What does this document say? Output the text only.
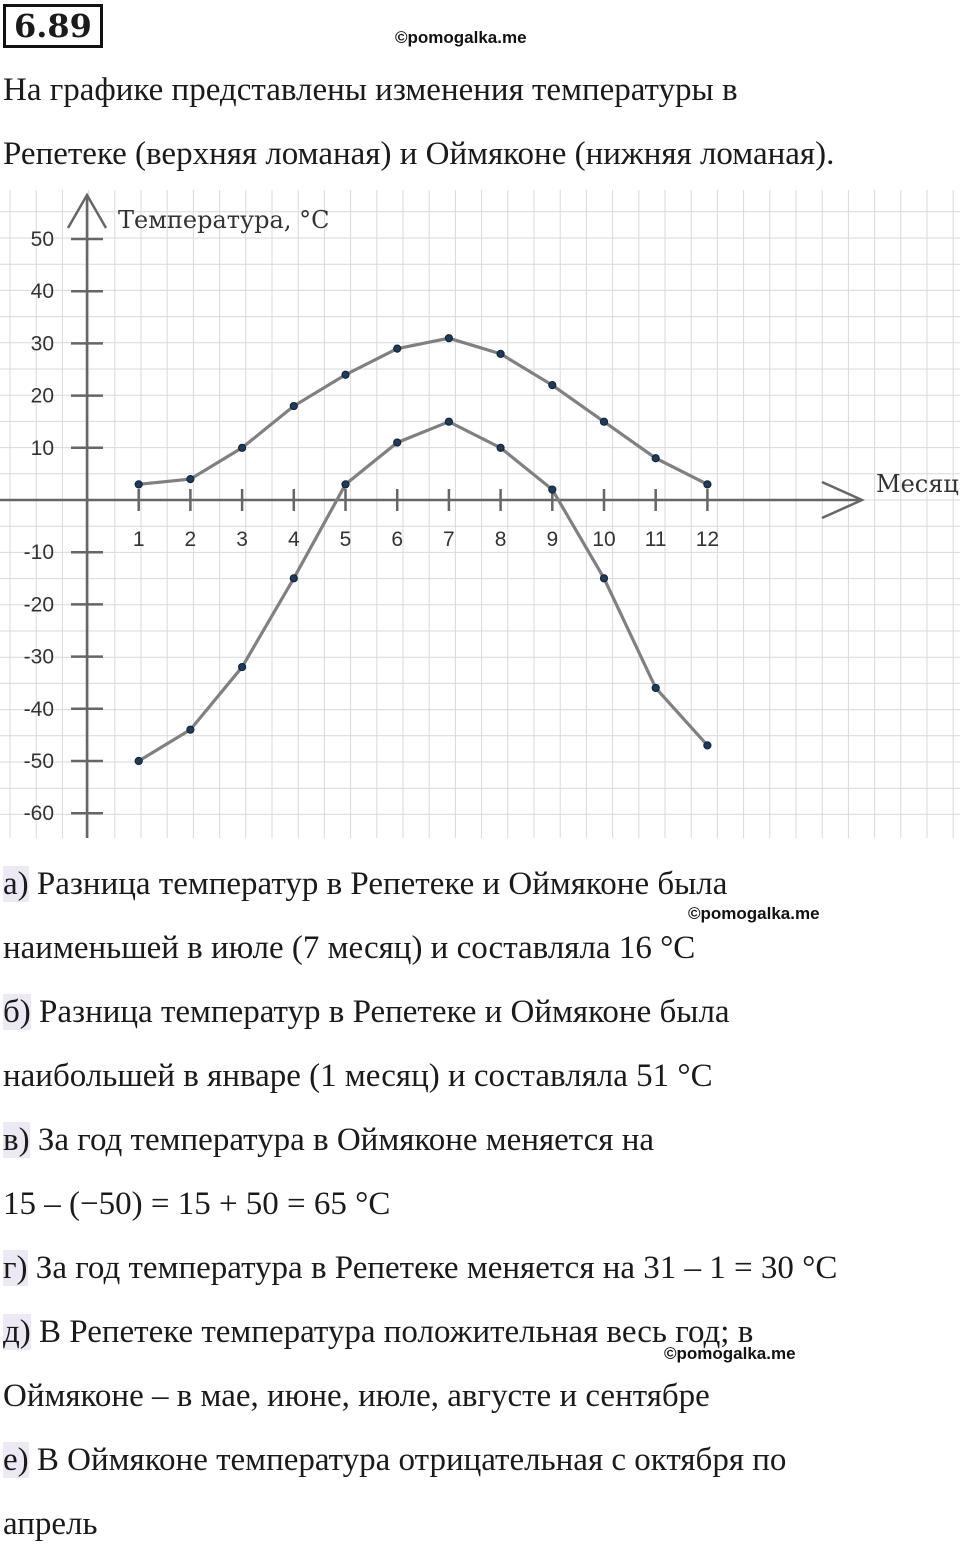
6.89	©pomogalka.me
На графике представлены изменения температуры в
Репетеке (верхняя ломаная) и Оймяконе (нижняя ломаная).
1 2 3 4 5 6 7 8 9 10 11 12
50
40
30
20
10
-10
-20
-30
-40
-50
-60
Температура, °C
Месяц
©pomogalka.me
©pomogalka.me
а) Разница температур в Репетеке и Оймяконе была
наименьшей в июле (7 месяц) и составляла 16 °C
б) Разница температур в Репетеке и Оймяконе была
наибольшей в январе (1 месяц) и составляла 51 °C
в) За год температура в Оймяконе меняется на
15 – (−50) = 15 + 50 = 65 °C
г) За год температура в Репетеке меняется на 31 – 1 = 30 °C
д) В Репетеке температура положительная весь год; в
Оймяконе – в мае, июне, июле, августе и сентябре
е) В Оймяконе температура отрицательная с октября по
апрель
